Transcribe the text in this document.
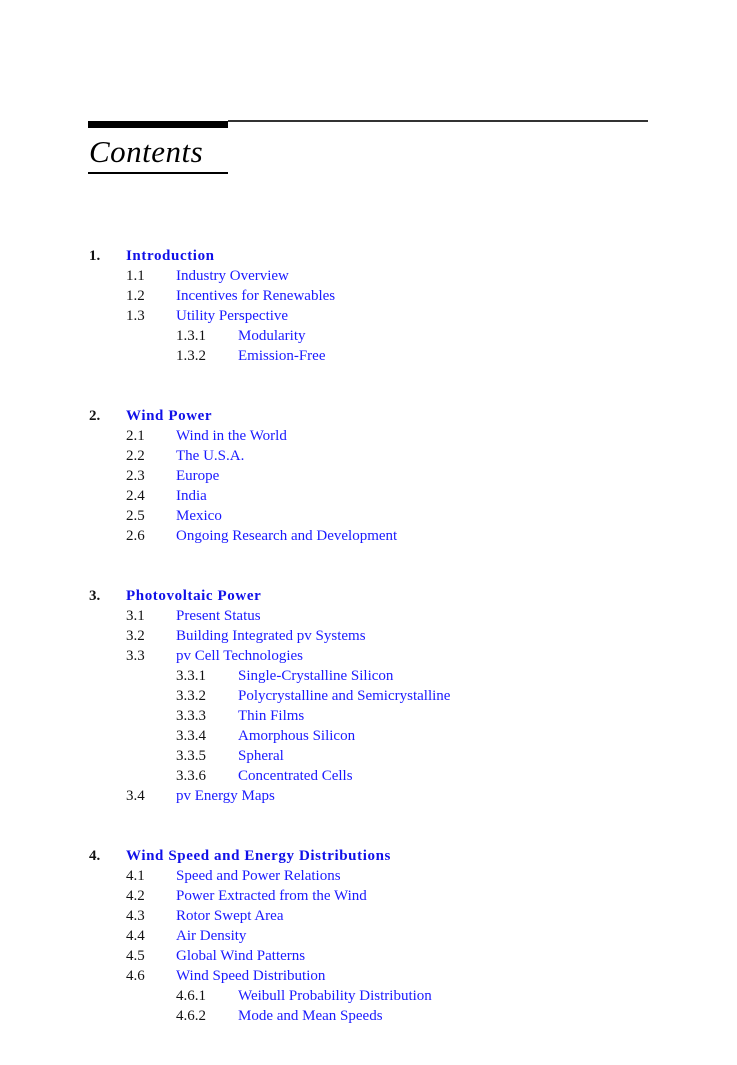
Contents
1. Introduction
1.1 Industry Overview
1.2 Incentives for Renewables
1.3 Utility Perspective
1.3.1 Modularity
1.3.2 Emission-Free
2. Wind Power
2.1 Wind in the World
2.2 The U.S.A.
2.3 Europe
2.4 India
2.5 Mexico
2.6 Ongoing Research and Development
3. Photovoltaic Power
3.1 Present Status
3.2 Building Integrated pv Systems
3.3 pv Cell Technologies
3.3.1 Single-Crystalline Silicon
3.3.2 Polycrystalline and Semicrystalline
3.3.3 Thin Films
3.3.4 Amorphous Silicon
3.3.5 Spheral
3.3.6 Concentrated Cells
3.4 pv Energy Maps
4. Wind Speed and Energy Distributions
4.1 Speed and Power Relations
4.2 Power Extracted from the Wind
4.3 Rotor Swept Area
4.4 Air Density
4.5 Global Wind Patterns
4.6 Wind Speed Distribution
4.6.1 Weibull Probability Distribution
4.6.2 Mode and Mean Speeds
